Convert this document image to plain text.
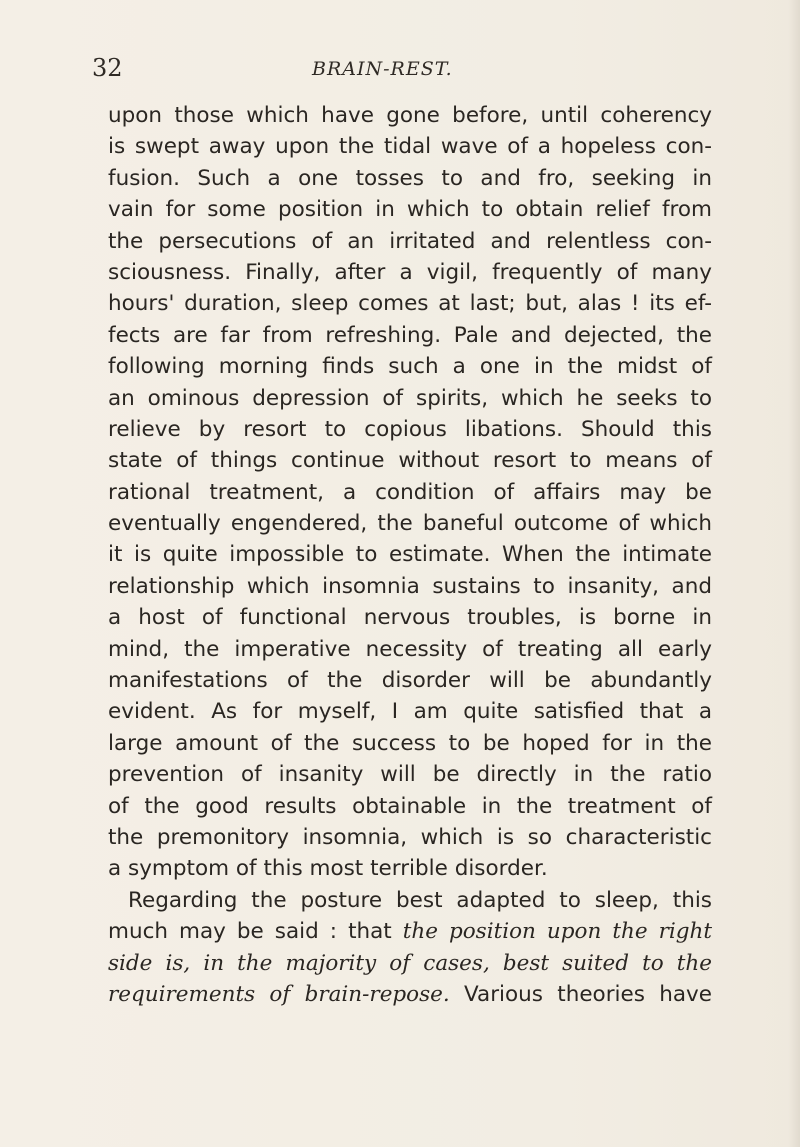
32	BRAIN-REST.
upon those which have gone before, until coherency
is swept away upon the tidal wave of a hopeless con-
fusion. Such a one tosses to and fro, seeking in
vain for some position in which to obtain relief from
the persecutions of an irritated and relentless con-
sciousness. Finally, after a vigil, frequently of many
hours' duration, sleep comes at last; but, alas ! its ef-
fects are far from refreshing. Pale and dejected, the
following morning finds such a one in the midst of
an ominous depression of spirits, which he seeks to
relieve by resort to copious libations. Should this
state of things continue without resort to means of
rational treatment, a condition of affairs may be
eventually engendered, the baneful outcome of which
it is quite impossible to estimate. When the intimate
relationship which insomnia sustains to insanity, and
a host of functional nervous troubles, is borne in
mind, the imperative necessity of treating all early
manifestations of the disorder will be abundantly
evident. As for myself, I am quite satisfied that a
large amount of the success to be hoped for in the
prevention of insanity will be directly in the ratio
of the good results obtainable in the treatment of
the premonitory insomnia, which is so characteristic
a symptom of this most terrible disorder.
Regarding the posture best adapted to sleep, this
much may be said : that the position upon the right
side is, in the majority of cases, best suited to the
requirements of brain-repose. Various theories have
